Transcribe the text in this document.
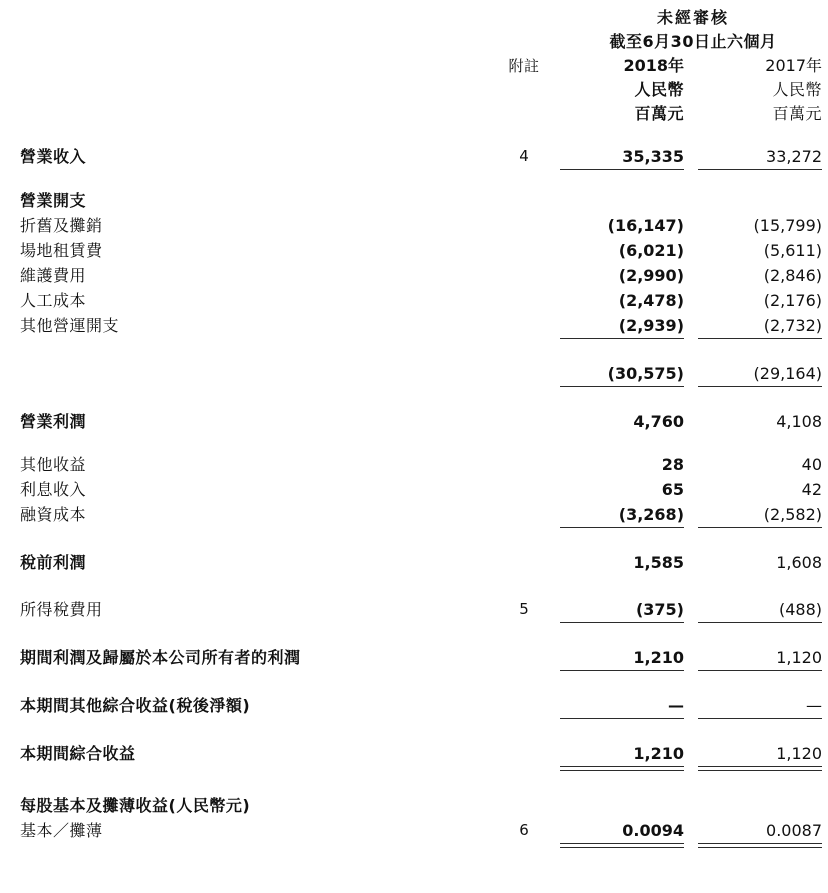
		未經審核		
		截至6月30日止六個月		
	附註	2018年		2017年
		人民幣		人民幣
		百萬元		百萬元

營業收入	4	35,335		33,272

營業開支				
折舊及攤銷		(16,147)		(15,799)
場地租賃費		(6,021)		(5,611)
維護費用		(2,990)		(2,846)
人工成本		(2,478)		(2,176)
其他營運開支		(2,939)		(2,732)

		(30,575)		(29,164)

營業利潤		4,760		4,108

其他收益		28		40
利息收入		65		42
融資成本		(3,268)		(2,582)

稅前利潤		1,585		1,608

所得稅費用	5	(375)		(488)

期間利潤及歸屬於本公司所有者的利潤		1,210		1,120

本期間其他綜合收益(稅後淨額)		—		—

本期間綜合收益		1,210		1,120

每股基本及攤薄收益(人民幣元)				
基本／攤薄	6	0.0094		0.0087
